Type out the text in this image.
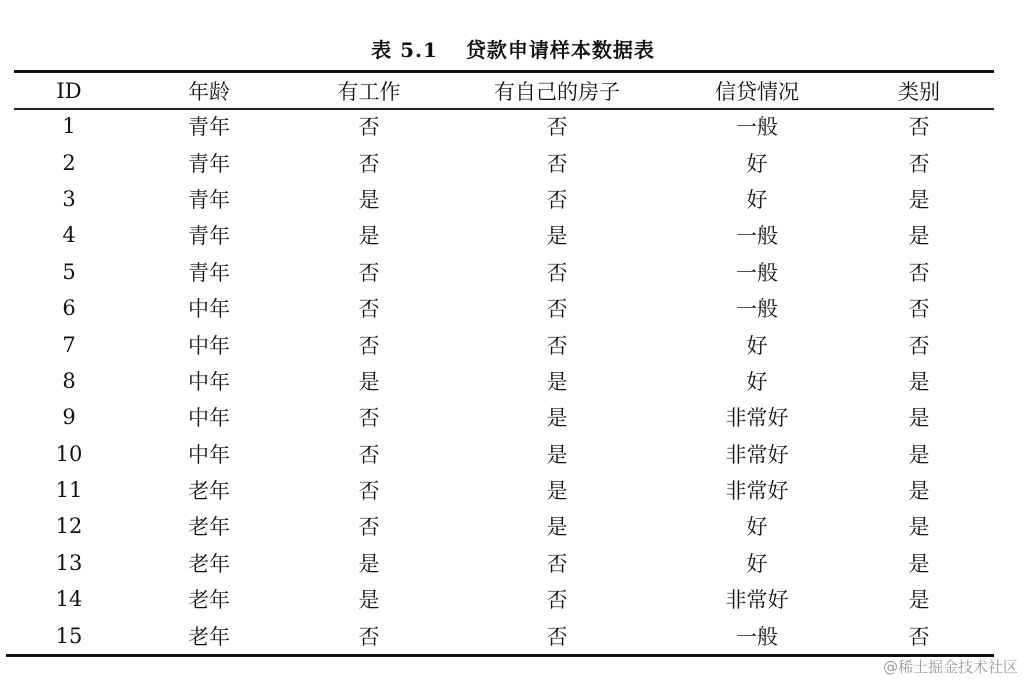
表 5.1 贷款申请样本数据表
ID	年龄	有工作	有自己的房子	信贷情况	类别
1	青年	否	否	一般	否
2	青年	否	否	好	否
3	青年	是	否	好	是
4	青年	是	是	一般	是
5	青年	否	否	一般	否
6	中年	否	否	一般	否
7	中年	否	否	好	否
8	中年	是	是	好	是
9	中年	否	是	非常好	是
10	中年	否	是	非常好	是
11	老年	否	是	非常好	是
12	老年	否	是	好	是
13	老年	是	否	好	是
14	老年	是	否	非常好	是
15	老年	否	否	一般	否
@稀土掘金技术社区
